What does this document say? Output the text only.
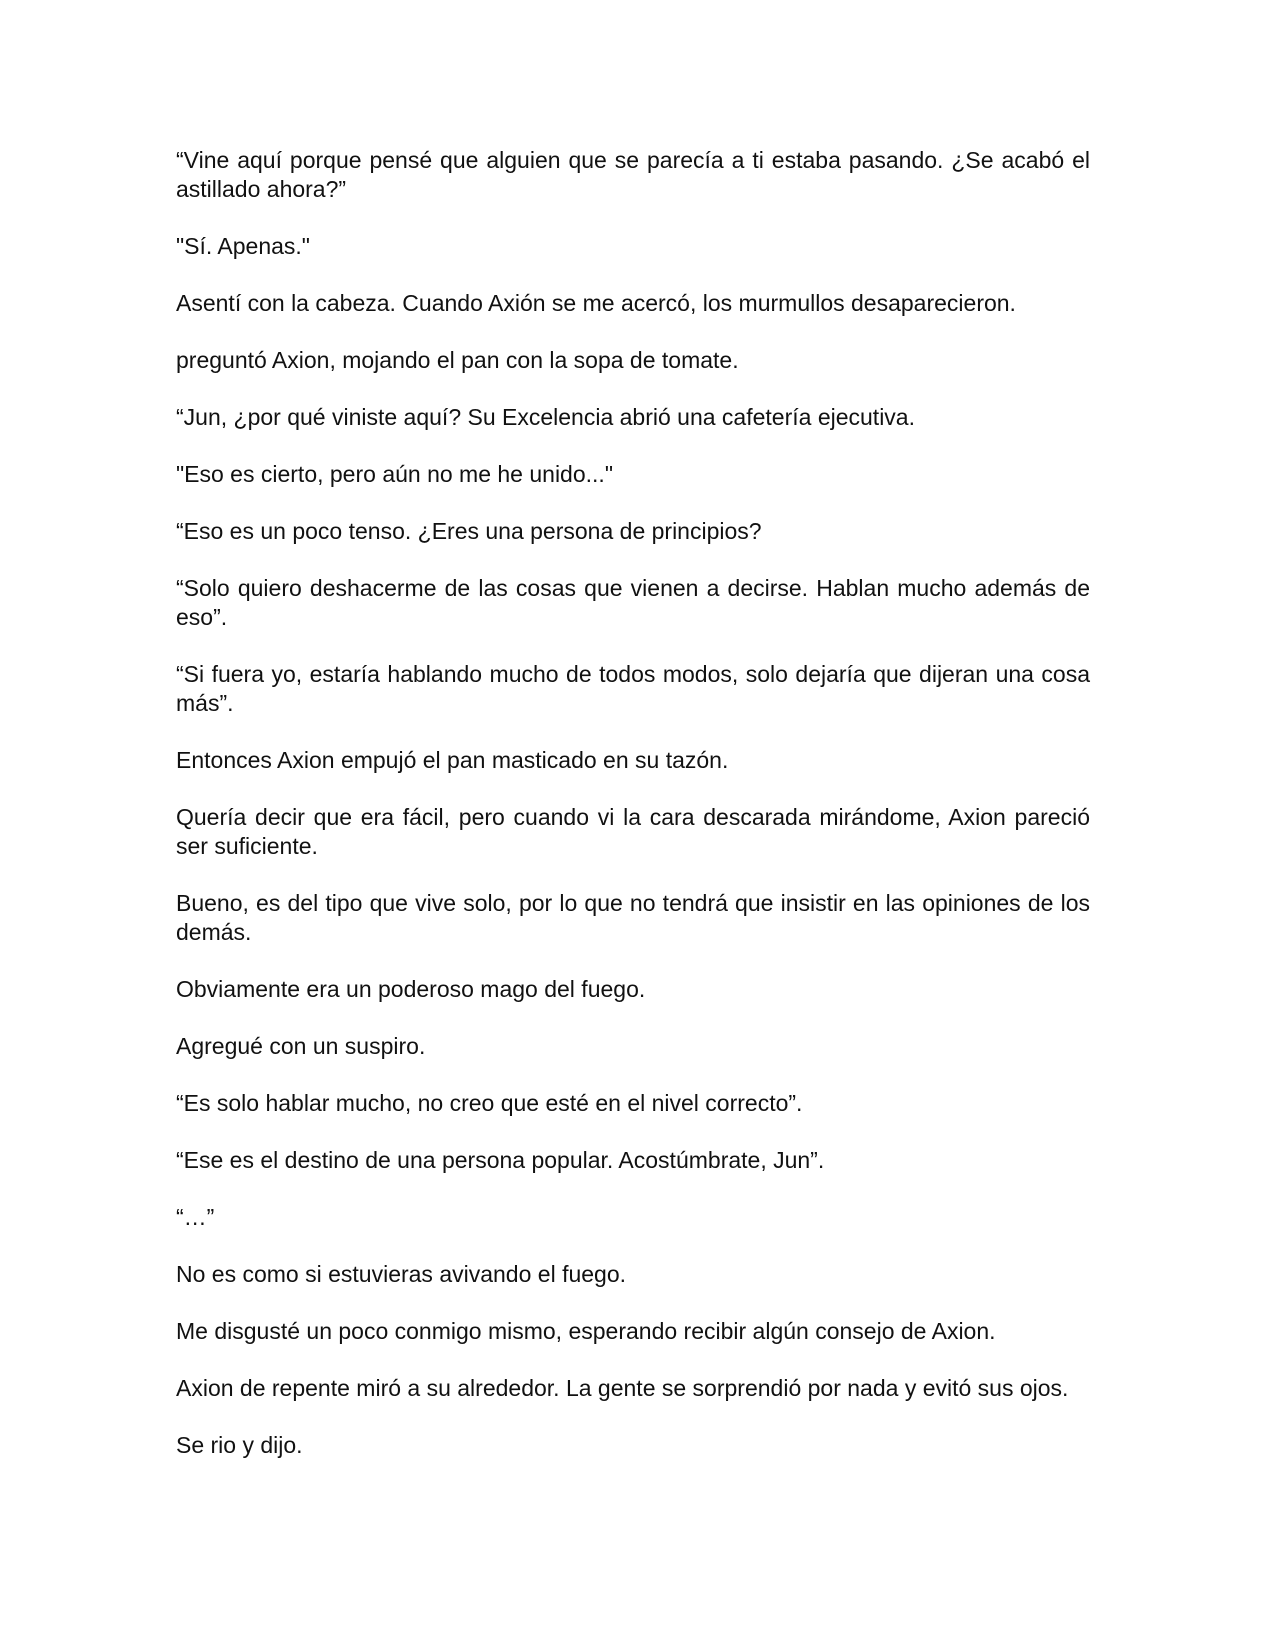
“Vine aquí porque pensé que alguien que se parecía a ti estaba pasando. ¿Se acabó el astillado ahora?”

"Sí. Apenas."

Asentí con la cabeza. Cuando Axión se me acercó, los murmullos desaparecieron.

preguntó Axion, mojando el pan con la sopa de tomate.

“Jun, ¿por qué viniste aquí? Su Excelencia abrió una cafetería ejecutiva.

"Eso es cierto, pero aún no me he unido..."

“Eso es un poco tenso. ¿Eres una persona de principios?

“Solo quiero deshacerme de las cosas que vienen a decirse. Hablan mucho además de eso”.

“Si fuera yo, estaría hablando mucho de todos modos, solo dejaría que dijeran una cosa más”.

Entonces Axion empujó el pan masticado en su tazón.

Quería decir que era fácil, pero cuando vi la cara descarada mirándome, Axion pareció ser suficiente.

Bueno, es del tipo que vive solo, por lo que no tendrá que insistir en las opiniones de los demás.

Obviamente era un poderoso mago del fuego.

Agregué con un suspiro.

“Es solo hablar mucho, no creo que esté en el nivel correcto”.

“Ese es el destino de una persona popular. Acostúmbrate, Jun”.

“…”

No es como si estuvieras avivando el fuego.

Me disgusté un poco conmigo mismo, esperando recibir algún consejo de Axion.

Axion de repente miró a su alrededor. La gente se sorprendió por nada y evitó sus ojos.

Se rio y dijo.
